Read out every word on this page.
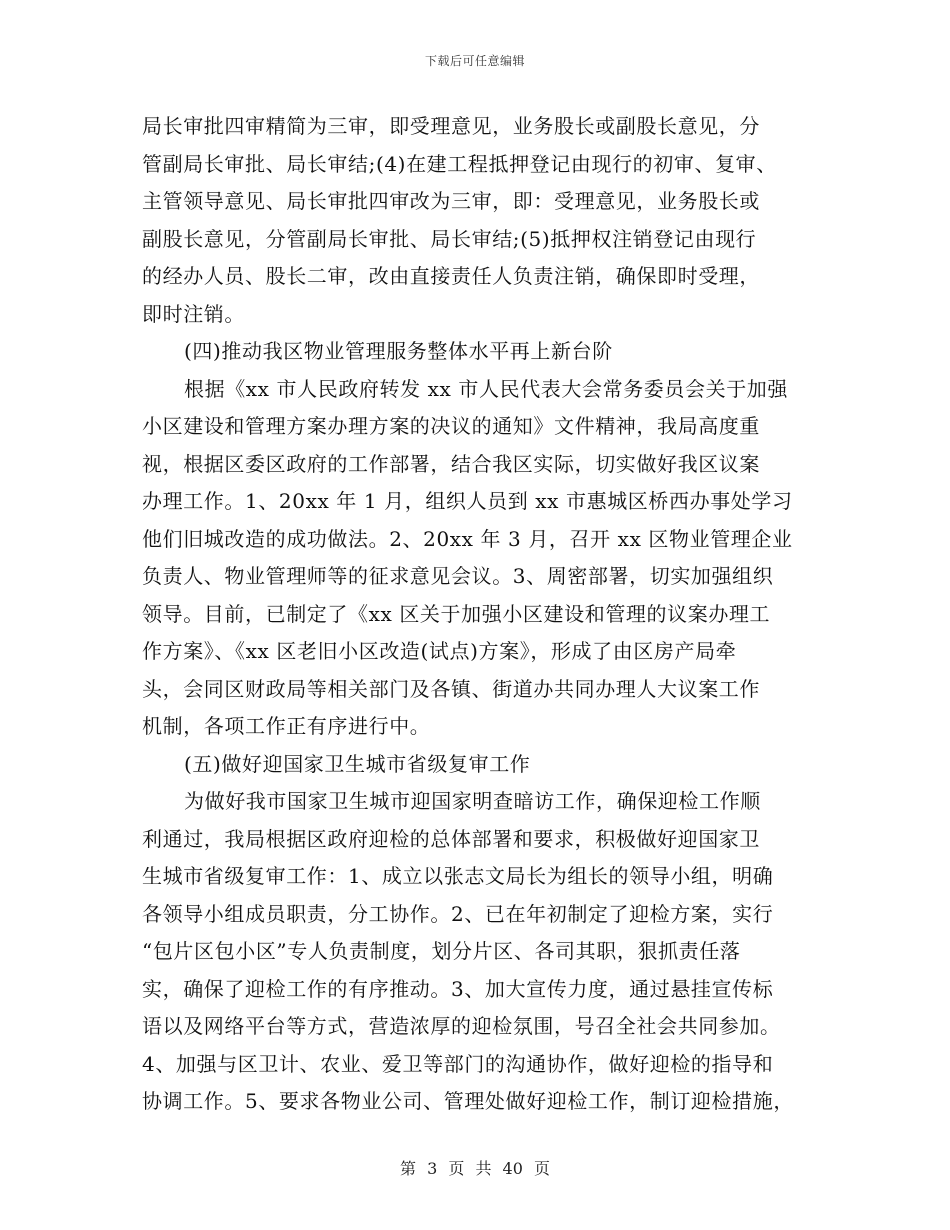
下载后可任意编辑
局长审批四审精简为三审，即受理意见，业务股长或副股长意见，分
管副局长审批、局长审结;(4)在建工程抵押登记由现行的初审、复审、
主管领导意见、局长审批四审改为三审，即：受理意见，业务股长或
副股长意见，分管副局长审批、局长审结;(5)抵押权注销登记由现行
的经办人员、股长二审，改由直接责任人负责注销，确保即时受理，
即时注销。
(四)推动我区物业管理服务整体水平再上新台阶
根据《xx 市人民政府转发 xx 市人民代表大会常务委员会关于加强
小区建设和管理方案办理方案的决议的通知》文件精神，我局高度重
视，根据区委区政府的工作部署，结合我区实际，切实做好我区议案
办理工作。1、20xx 年 1 月，组织人员到 xx 市惠城区桥西办事处学习
他们旧城改造的成功做法。2、20xx 年 3 月，召开 xx 区物业管理企业
负责人、物业管理师等的征求意见会议。3、周密部署，切实加强组织
领导。目前，已制定了《xx 区关于加强小区建设和管理的议案办理工
作方案》、《xx 区老旧小区改造(试点)方案》，形成了由区房产局牵
头，会同区财政局等相关部门及各镇、街道办共同办理人大议案工作
机制，各项工作正有序进行中。
(五)做好迎国家卫生城市省级复审工作
为做好我市国家卫生城市迎国家明查暗访工作，确保迎检工作顺
利通过，我局根据区政府迎检的总体部署和要求，积极做好迎国家卫
生城市省级复审工作：1、成立以张志文局长为组长的领导小组，明确
各领导小组成员职责，分工协作。2、已在年初制定了迎检方案，实行
“包片区包小区”专人负责制度，划分片区、各司其职，狠抓责任落
实，确保了迎检工作的有序推动。3、加大宣传力度，通过悬挂宣传标
语以及网络平台等方式，营造浓厚的迎检氛围，号召全社会共同参加。
4、加强与区卫计、农业、爱卫等部门的沟通协作，做好迎检的指导和
协调工作。5、要求各物业公司、管理处做好迎检工作，制订迎检措施，
第 3 页 共 40 页
